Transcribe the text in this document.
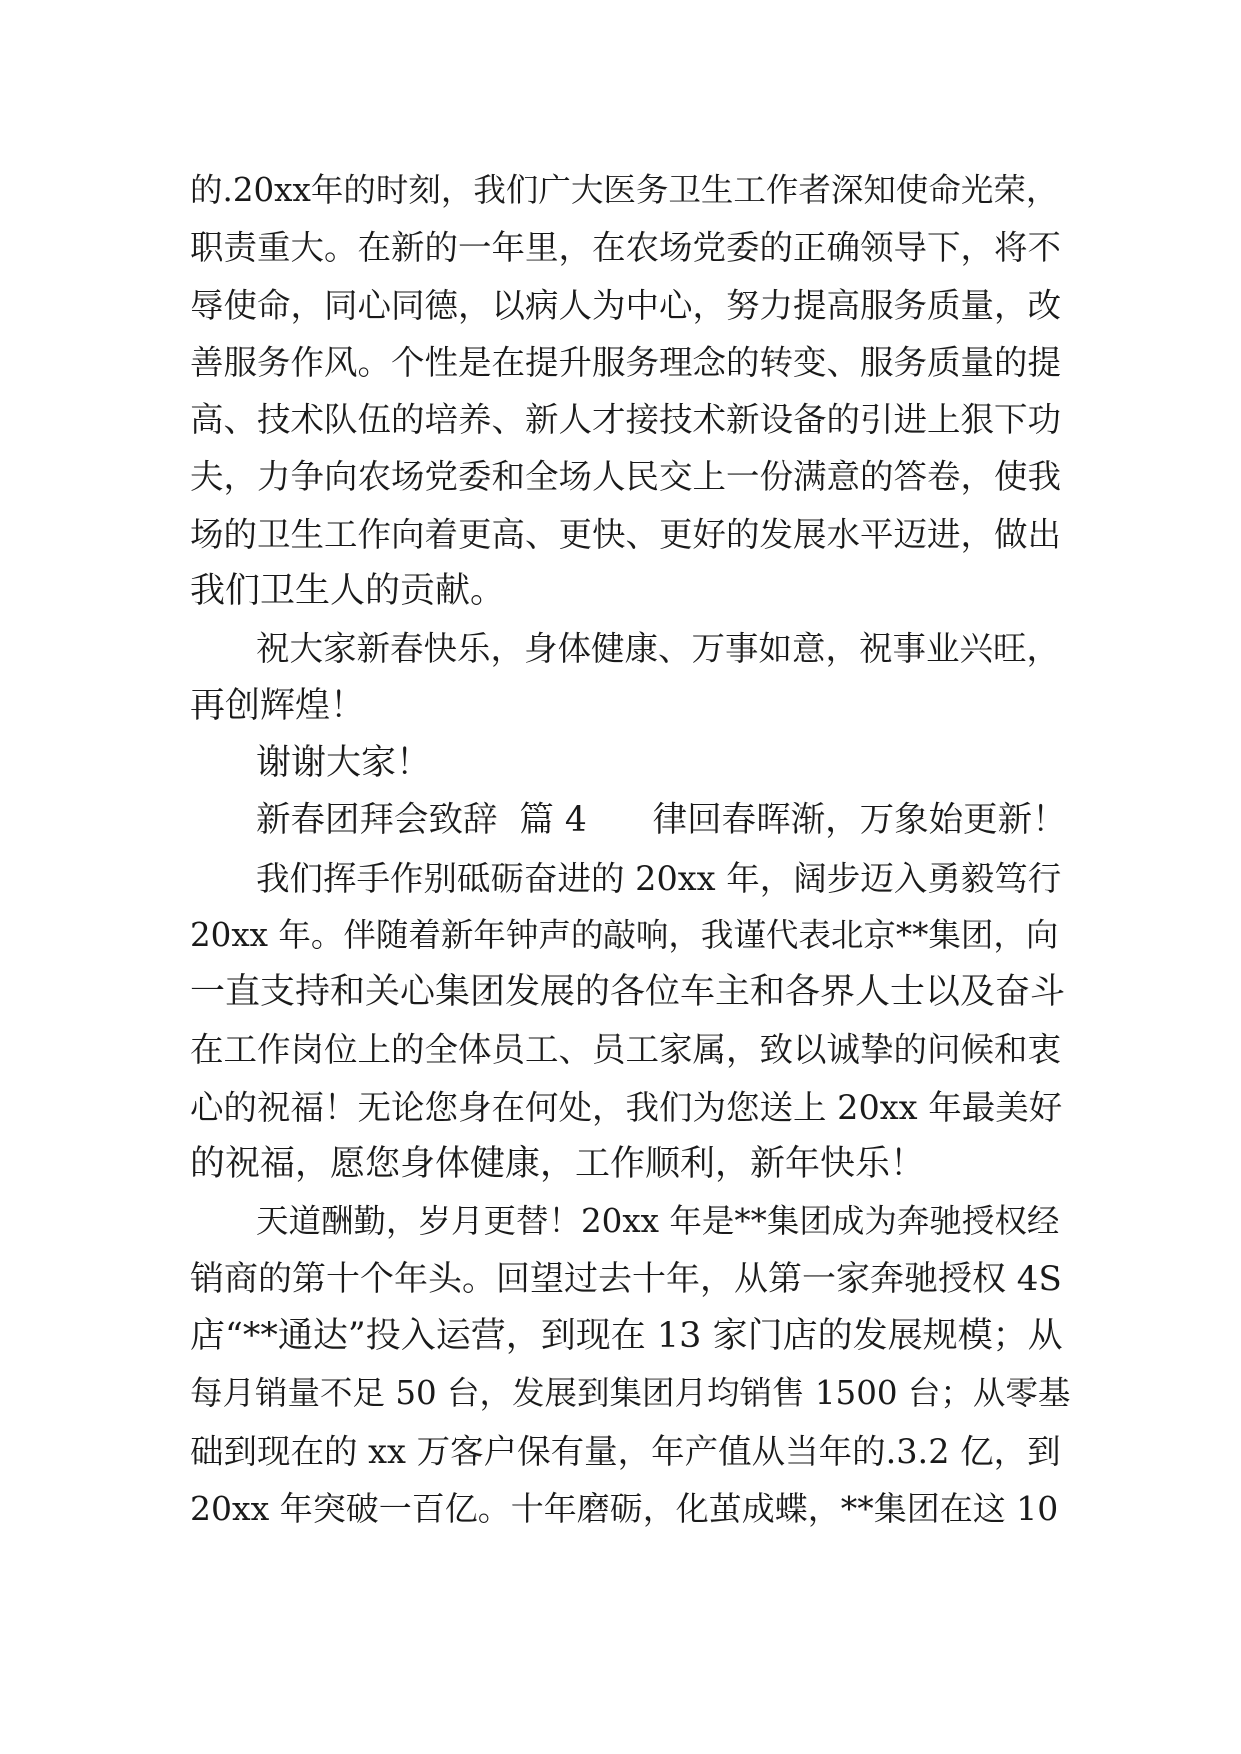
的.20xx年的时刻，我们广大医务卫生工作者深知使命光荣，
职责重大。在新的一年里，在农场党委的正确领导下，将不
辱使命，同心同德，以病人为中心，努力提高服务质量，改
善服务作风。个性是在提升服务理念的转变、服务质量的提
高、技术队伍的培养、新人才接技术新设备的引进上狠下功
夫，力争向农场党委和全场人民交上一份满意的答卷，使我
场的卫生工作向着更高、更快、更好的发展水平迈进，做出
我们卫生人的贡献。
祝大家新春快乐，身体健康、万事如意，祝事业兴旺，
再创辉煌！
谢谢大家！
新春团拜会致辞  篇 4      律回春晖渐，万象始更新！
我们挥手作别砥砺奋进的 20xx 年，阔步迈入勇毅笃行
20xx 年。伴随着新年钟声的敲响，我谨代表北京**集团，向
一直支持和关心集团发展的各位车主和各界人士以及奋斗
在工作岗位上的全体员工、员工家属，致以诚挚的问候和衷
心的祝福！无论您身在何处，我们为您送上 20xx 年最美好
的祝福，愿您身体健康，工作顺利，新年快乐！
天道酬勤，岁月更替！20xx 年是**集团成为奔驰授权经
销商的第十个年头。回望过去十年，从第一家奔驰授权 4S
店“**通达”投入运营，到现在 13 家门店的发展规模；从
每月销量不足 50 台，发展到集团月均销售 1500 台；从零基
础到现在的 xx 万客户保有量，年产值从当年的.3.2 亿，到
20xx 年突破一百亿。十年磨砺，化茧成蝶，**集团在这 10
